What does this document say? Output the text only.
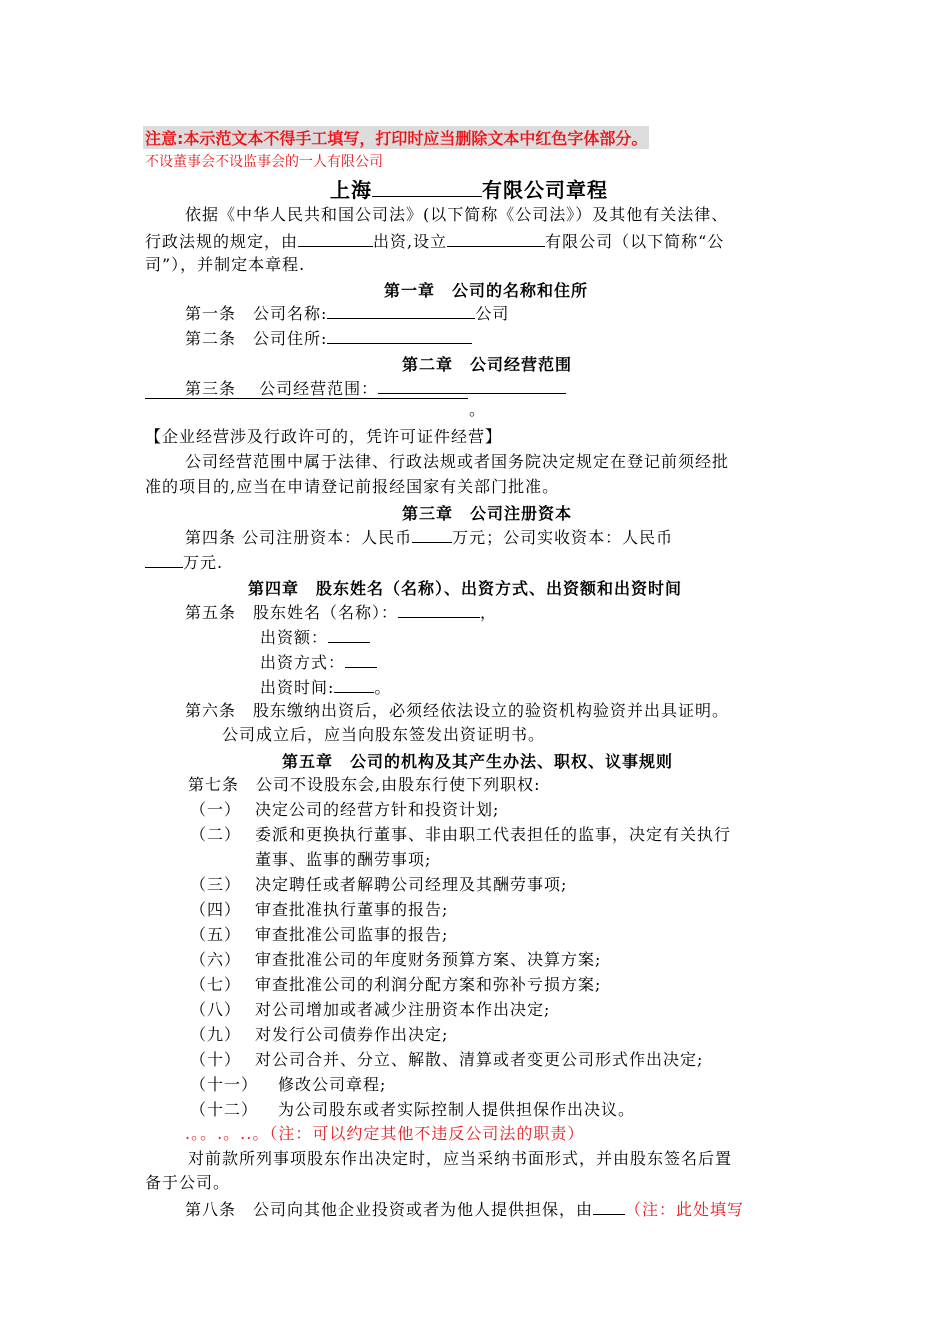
注意:本示范文本不得手工填写，打印时应当删除文本中红色字体部分。
不设董事会不设监事会的一人有限公司
上海	有限公司章程
依据《中华人民共和国公司法》(以下简称《公司法》）及其他有关法律、
行政法规的规定，由	出资,设立	有限公司（以下简称“公
司”），并制定本章程.
第一章　公司的名称和住所
第一条　公司名称:	公司
第二条　公司住所:
第二章　公司经营范围
第三条　 公司经营范围：
。
【企业经营涉及行政许可的，凭许可证件经营】
公司经营范围中属于法律、行政法规或者国务院决定规定在登记前须经批
准的项目的,应当在申请登记前报经国家有关部门批准。
第三章　公司注册资本
第四条 公司注册资本：人民币	万元；公司实收资本：人民币
万元.
第四章　股东姓名（名称）、出资方式、出资额和出资时间
第五条　股东姓名（名称）：	，
出资额：
出资方式：
出资时间:	。
第六条　股东缴纳出资后，必须经依法设立的验资机构验资并出具证明。
公司成立后，应当向股东签发出资证明书。
第五章　公司的机构及其产生办法、职权、议事规则
第七条　公司不设股东会,由股东行使下列职权:
（一） 决定公司的经营方针和投资计划;
（二） 委派和更换执行董事、非由职工代表担任的监事，决定有关执行
董事、监事的酬劳事项;
（三） 决定聘任或者解聘公司经理及其酬劳事项;
（四） 审查批准执行董事的报告;
（五） 审查批准公司监事的报告;
（六） 审查批准公司的年度财务预算方案、决算方案;
（七） 审查批准公司的利润分配方案和弥补亏损方案;
（八） 对公司增加或者减少注册资本作出决定;
（九） 对发行公司债券作出决定;
（十） 对公司合并、分立、解散、清算或者变更公司形式作出决定;
（十一） 修改公司章程;
（十二） 为公司股东或者实际控制人提供担保作出决议。
.。。.。..。（注：可以约定其他不违反公司法的职责）
对前款所列事项股东作出决定时，应当采纳书面形式，并由股东签名后置
备于公司。
第八条　公司向其他企业投资或者为他人提供担保，由 （注：此处填写
